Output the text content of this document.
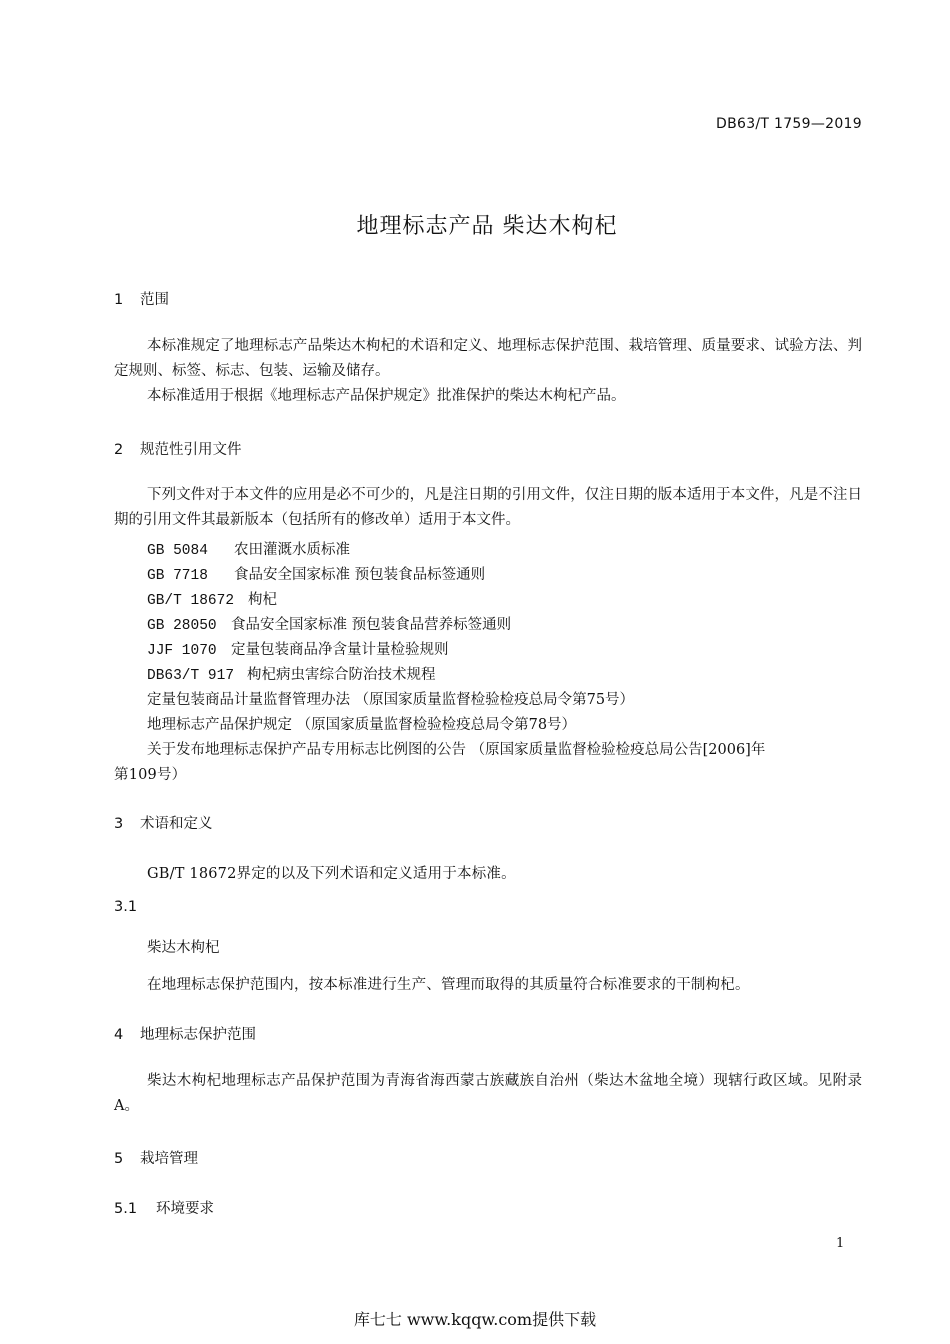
DB63/T 1759—2019
地理标志产品 柴达木枸杞
1 范围

本标准规定了地理标志产品柴达木枸杞的术语和定义、地理标志保护范围、栽培管理、质量要求、试验方法、判定规则、标签、标志、包装、运输及储存。

本标准适用于根据《地理标志产品保护规定》批准保护的柴达木枸杞产品。

2 规范性引用文件

下列文件对于本文件的应用是必不可少的，凡是注日期的引用文件，仅注日期的版本适用于本文件，凡是不注日期的引用文件其最新版本（包括所有的修改单）适用于本文件。

GB 5084 农田灌溉水质标准
GB 7718 食品安全国家标准 预包装食品标签通则
GB/T 18672 枸杞
GB 28050 食品安全国家标准 预包装食品营养标签通则
JJF 1070 定量包装商品净含量计量检验规则
DB63/T 917 枸杞病虫害综合防治技术规程
定量包装商品计量监督管理办法 （原国家质量监督检验检疫总局令第75号）
地理标志产品保护规定 （原国家质量监督检验检疫总局令第78号）
关于发布地理标志保护产品专用标志比例图的公告 （原国家质量监督检验检疫总局公告[2006]年
第109号）
3 术语和定义
GB/T 18672界定的以及下列术语和定义适用于本标准。
3.1
柴达木枸杞
在地理标志保护范围内，按本标准进行生产、管理而取得的其质量符合标准要求的干制枸杞。
4 地理标志保护范围

柴达木枸杞地理标志产品保护范围为青海省海西蒙古族藏族自治州（柴达木盆地全境）现辖行政区域。见附录A。

5 栽培管理
5.1 环境要求
1
库七七 www.kqqw.com提供下载
